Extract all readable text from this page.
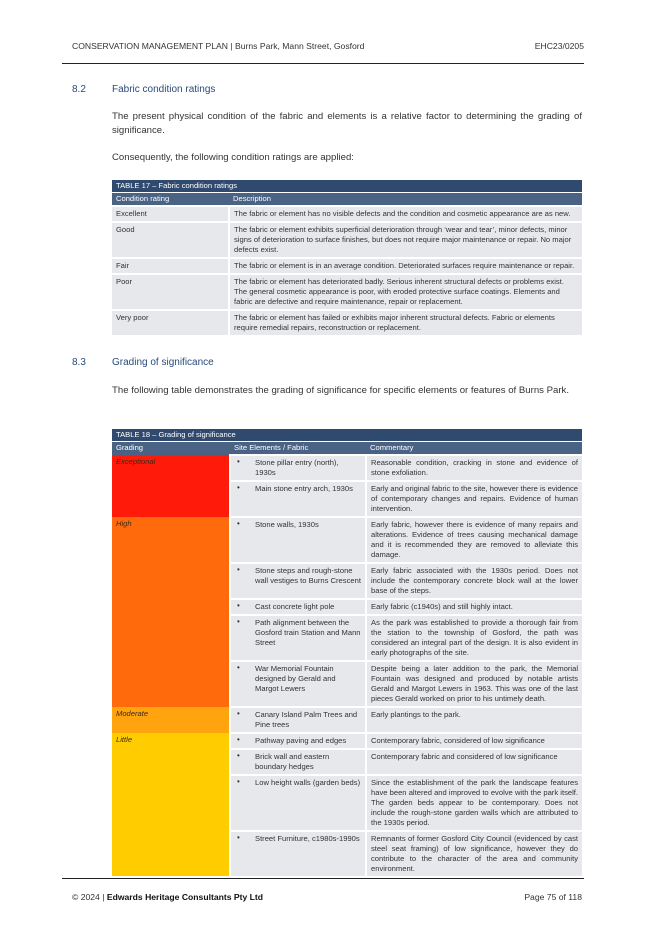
CONSERVATION MANAGEMENT PLAN | Burns Park, Mann Street, Gosford	EHC23/0205
8.2	Fabric condition ratings
The present physical condition of the fabric and elements is a relative factor to determining the grading of significance.
Consequently, the following condition ratings are applied:
TABLE 17 – Fabric condition ratings	
Condition rating	Description
Excellent	The fabric or element has no visible defects and the condition and cosmetic appearance are as new.
Good	The fabric or element exhibits superficial deterioration through ‘wear and tear’, minor defects, minor signs of deterioration to surface finishes, but does not require major maintenance or repair. No major defects exist.
Fair	The fabric or element is in an average condition. Deteriorated surfaces require maintenance or repair.
Poor	The fabric or element has deteriorated badly. Serious inherent structural defects or problems exist. The general cosmetic appearance is poor, with eroded protective surface coatings. Elements and fabric are defective and require maintenance, repair or replacement.
Very poor	The fabric or element has failed or exhibits major inherent structural defects. Fabric or elements require remedial repairs, reconstruction or replacement.
8.3	Grading of significance
The following table demonstrates the grading of significance for specific elements or features of Burns Park.
TABLE 18 – Grading of significance		
Grading	Site Elements / Fabric	Commentary
Exceptional	• Stone pillar entry (north), 1930s	Reasonable condition, cracking in stone and evidence of stone exfoliation.

	• Main stone entry arch, 1930s	Early and original fabric to the site, however there is evidence of contemporary changes and repairs. Evidence of human intervention.
High	• Stone walls, 1930s	Early fabric, however there is evidence of many repairs and alterations. Evidence of trees causing mechanical damage and it is recommended they are removed to alleviate this damage.

	• Stone steps and rough-stone wall vestiges to Burns Crescent	Early fabric associated with the 1930s period. Does not include the contemporary concrete block wall at the lower base of the steps.

	• Cast concrete light pole	Early fabric (c1940s) and still highly intact.

	• Path alignment between the Gosford train Station and Mann Street	As the park was established to provide a thorough fair from the station to the township of Gosford, the path was considered an integral part of the design. It is also evident in early photographs of the site.

	• War Memorial Fountain designed by Gerald and Margot Lewers	Despite being a later addition to the park, the Memorial Fountain was designed and produced by notable artists Gerald and Margot Lewers in 1963. This was one of the last pieces Gerald worked on prior to his untimely death.
Moderate	• Canary Island Palm Trees and Pine trees	Early plantings to the park.
Little	• Pathway paving and edges	Contemporary fabric, considered of low significance

	• Brick wall and eastern boundary hedges	Contemporary fabric and considered of low significance

	• Low height walls (garden beds)	Since the establishment of the park the landscape features have been altered and improved to evolve with the park itself. The garden beds appear to be contemporary. Does not include the rough-stone garden walls which are attributed to the 1930s period.

	• Street Furniture, c1980s-1990s	Remnants of former Gosford City Council (evidenced by cast steel seat framing) of low significance, however they do contribute to the character of the area and community environment.
© 2024 | Edwards Heritage Consultants Pty Ltd	Page 75 of 118
